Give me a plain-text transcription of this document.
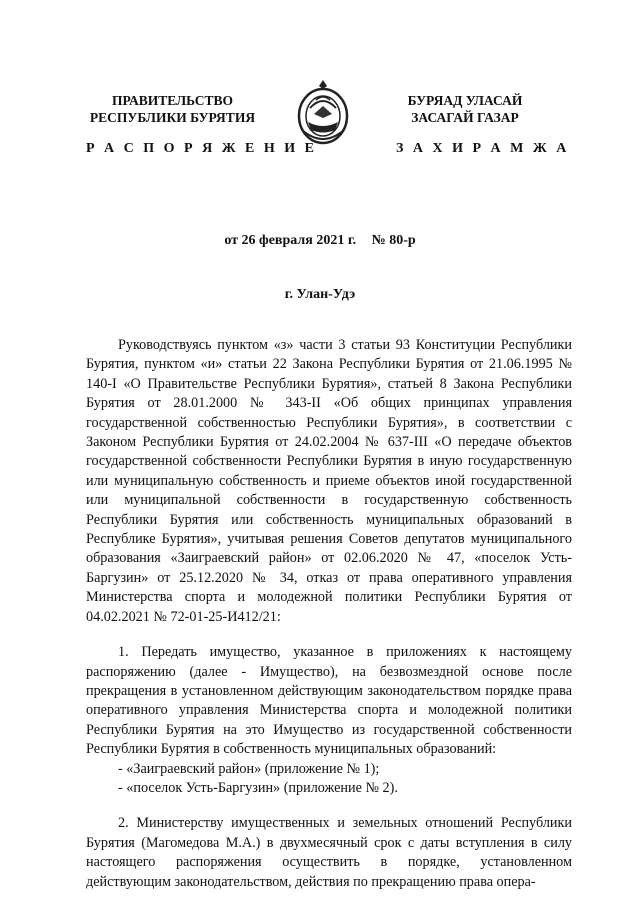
ПРАВИТЕЛЬСТВО
РЕСПУБЛИКИ БУРЯТИЯ
БУРЯАД УЛАСАЙ
ЗАСАГАЙ ГАЗАР
Р А С П О Р Я Ж Е Н И Е	З А Х И Р А М Ж А
от 26 февраля 2021 г. № 80-р
г. Улан-Удэ

Руководствуясь пунктом «з» части 3 статьи 93 Конституции Республики Бурятия, пунктом «и» статьи 22 Закона Республики Бурятия от 21.06.1995 № 140-I «О Правительстве Республики Бурятия», статьей 8 Закона Республики Бурятия от 28.01.2000 № 343-II «Об общих принципах управления государственной собственностью Республики Бурятия», в соответствии с Законом Республики Бурятия от 24.02.2004 № 637-III «О передаче объектов государственной собственности Республики Бурятия в иную государственную или муниципальную собственность и приеме объектов иной государственной или муниципальной собственности в государственную собственность Республики Бурятия или собственность муниципальных образований в Республике Бурятия», учитывая решения Советов депутатов муниципального образования «Заиграевский район» от 02.06.2020 № 47, «поселок Усть-Баргузин» от 25.12.2020 № 34, отказ от права оперативного управления Министерства спорта и молодежной политики Республики Бурятия от 04.02.2021 № 72-01-25-И412/21:

1. Передать имущество, указанное в приложениях к настоящему распоряжению (далее - Имущество), на безвозмездной основе после прекращения в установленном действующим законодательством порядке права оперативного управления Министерства спорта и молодежной политики Республики Бурятия на это Имущество из государственной собственности Республики Бурятия в собственность муниципальных образований:

- «Заиграевский район» (приложение № 1);
- «поселок Усть-Баргузин» (приложение № 2).

2. Министерству имущественных и земельных отношений Республики Бурятия (Магомедова М.А.) в двухмесячный срок с даты вступления в силу настоящего распоряжения осуществить в порядке, установленном действующим законодательством, действия по прекращению права опера-
